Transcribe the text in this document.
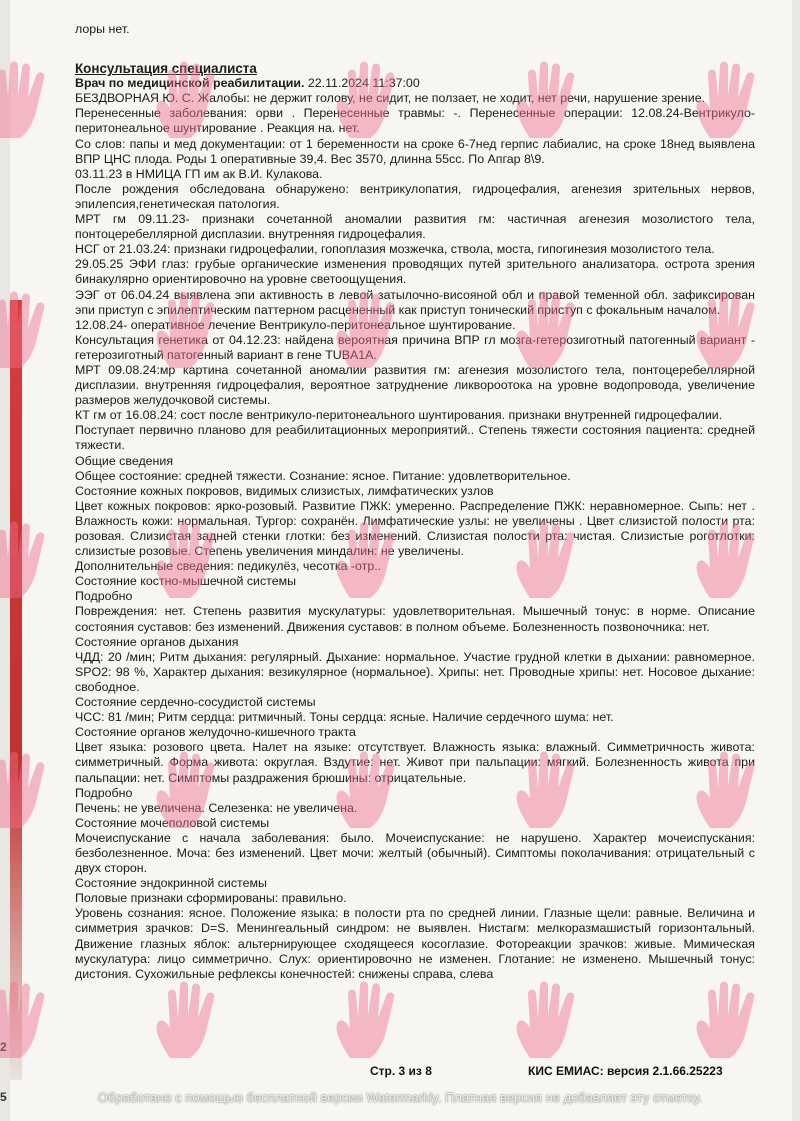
лоры нет.

Консультация специалиста

Врач по медицинской реабилитации. 22.11.2024 11:37:00

БЕЗДВОРНАЯ Ю. С. Жалобы: не держит голову, не сидит, не ползает, не ходит, нет речи, нарушение зрение.

Перенесенные заболевания: орви . Перенесенные травмы: -. Перенесенные операции: 12.08.24-Вентрикуло-перитонеальное шунтирование . Реакция на. нет.

Со слов: папы и мед документации: от 1 беременности на сроке 6-7нед герпис лабиалис, на сроке 18нед выявлена ВПР ЦНС плода. Роды 1 оперативные 39,4. Вес 3570, длинна 55сс. По Апгар 8\9.

03.11.23 в НМИЦА ГП им ак В.И. Кулакова.

После рождения обследована обнаружено: вентрикулопатия, гидроцефалия, агенезия зрительных нервов, эпилепсия,генетическая патология.

МРТ гм 09.11.23- признаки сочетанной аномалии развития гм: частичная агенезия мозолистого тела, понтоцеребеллярной дисплазии. внутренняя гидроцефалия.

НСГ от 21.03.24: признаки гидроцефалии, гопоплазия мозжечка, ствола, моста, гипогинезия мозолистого тела.

29.05.25 ЭФИ глаз: грубые органические изменения проводящих путей зрительного анализатора. острота зрения бинакулярно ориентировочно на уровне светоощущения.

ЭЭГ от 06.04.24 выявлена эпи активность в левой затылочно-висояной обл и правой теменной обл. зафиксирован эпи приступ с эпилептическим паттерном расцененный как приступ тонический приступ с фокальным началом.

12.08.24- оперативное лечение Вентрикуло-перитонеальное шунтирование.

Консультация генетика от 04.12.23: найдена вероятная причина ВПР гл мозга-гетерозиготный патогенный вариант - гетерозиготный патогенный вариант в гене TUBA1A.

МРТ 09.08.24:мр картина сочетанной аномалии развития гм: агенезия мозолистого тела, понтоцеребеллярной дисплазии. внутренняя гидроцефалия, вероятное затруднение ликвороотока на уровне водопровода, увеличение размеров желудочковой системы.

КТ гм от 16.08.24: сост после вентрикуло-перитонеального шунтирования. признаки внутренней гидроцефалии.

Поступает первично планово для реабилитационных мероприятий.. Степень тяжести состояния пациента: средней тяжести.

Общие сведения

Общее состояние: средней тяжести. Сознание: ясное. Питание: удовлетворительное.

Состояние кожных покровов, видимых слизистых, лимфатических узлов

Цвет кожных покровов: ярко-розовый. Развитие ПЖК: умеренно. Распределение ПЖК: неравномерное. Сыпь: нет . Влажность кожи: нормальная. Тургор: сохранён. Лимфатические узлы: не увеличены . Цвет слизистой полости рта: розовая. Слизистая задней стенки глотки: без изменений. Слизистая полости рта: чистая. Слизистые роготлотки: слизистые розовые. Степень увеличения миндалин: не увеличены.

Дополнительные сведения: педикулёз, чесотка -отр..

Состояние костно-мышечной системы

Подробно

Повреждения: нет. Степень развития мускулатуры: удовлетворительная. Мышечный тонус: в норме. Описание состояния суставов: без изменений. Движения суставов: в полном объеме. Болезненность позвоночника: нет.

Состояние органов дыхания

ЧДД: 20 /мин; Ритм дыхания: регулярный. Дыхание: нормальное. Участие грудной клетки в дыхании: равномерное. SPO2: 98 %, Характер дыхания: везикулярное (нормальное). Хрипы: нет. Проводные хрипы: нет. Носовое дыхание: свободное.

Состояние сердечно-сосудистой системы

ЧСС: 81 /мин; Ритм сердца: ритмичный. Тоны сердца: ясные. Наличие сердечного шума: нет.

Состояние органов желудочно-кишечного тракта

Цвет языка: розового цвета. Налет на языке: отсутствует. Влажность языка: влажный. Симметричность живота: симметричный. Форма живота: округлая. Вздутие: нет. Живот при пальпации: мягкий. Болезненность живота при пальпации: нет. Симптомы раздражения брюшины: отрицательные.

Подробно

Печень: не увеличена. Селезенка: не увеличена.

Состояние мочеполовой системы

Мочеиспускание с начала заболевания: было. Мочеиспускание: не нарушено. Характер мочеиспускания: безболезненное. Моча: без изменений. Цвет мочи: желтый (обычный). Симптомы поколачивания: отрицательный с двух сторон.

Состояние эндокринной системы

Половые признаки сформированы: правильно.

Уровень сознания: ясное. Положение языка: в полости рта по средней линии. Глазные щели: равные. Величина и симметрия зрачков: D=S. Менингеальный синдром: не выявлен. Нистагм: мелкоразмашистый горизонтальный. Движение глазных яблок: альтернирующее сходящееся косоглазие. Фотореакции зрачков: живые. Мимическая мускулатура: лицо симметрично. Слух: ориентировочно не изменен. Глотание: не изменено. Мышечный тонус: дистония. Сухожильные рефлексы конечностей: снижены справа, слева

Стр. 3 из 8	КИС ЕМИАС: версия 2.1.66.25223
2
5	Обработано с помощью бесплатной версии Watermarkly. Платная версия не добавляет эту отметку.
